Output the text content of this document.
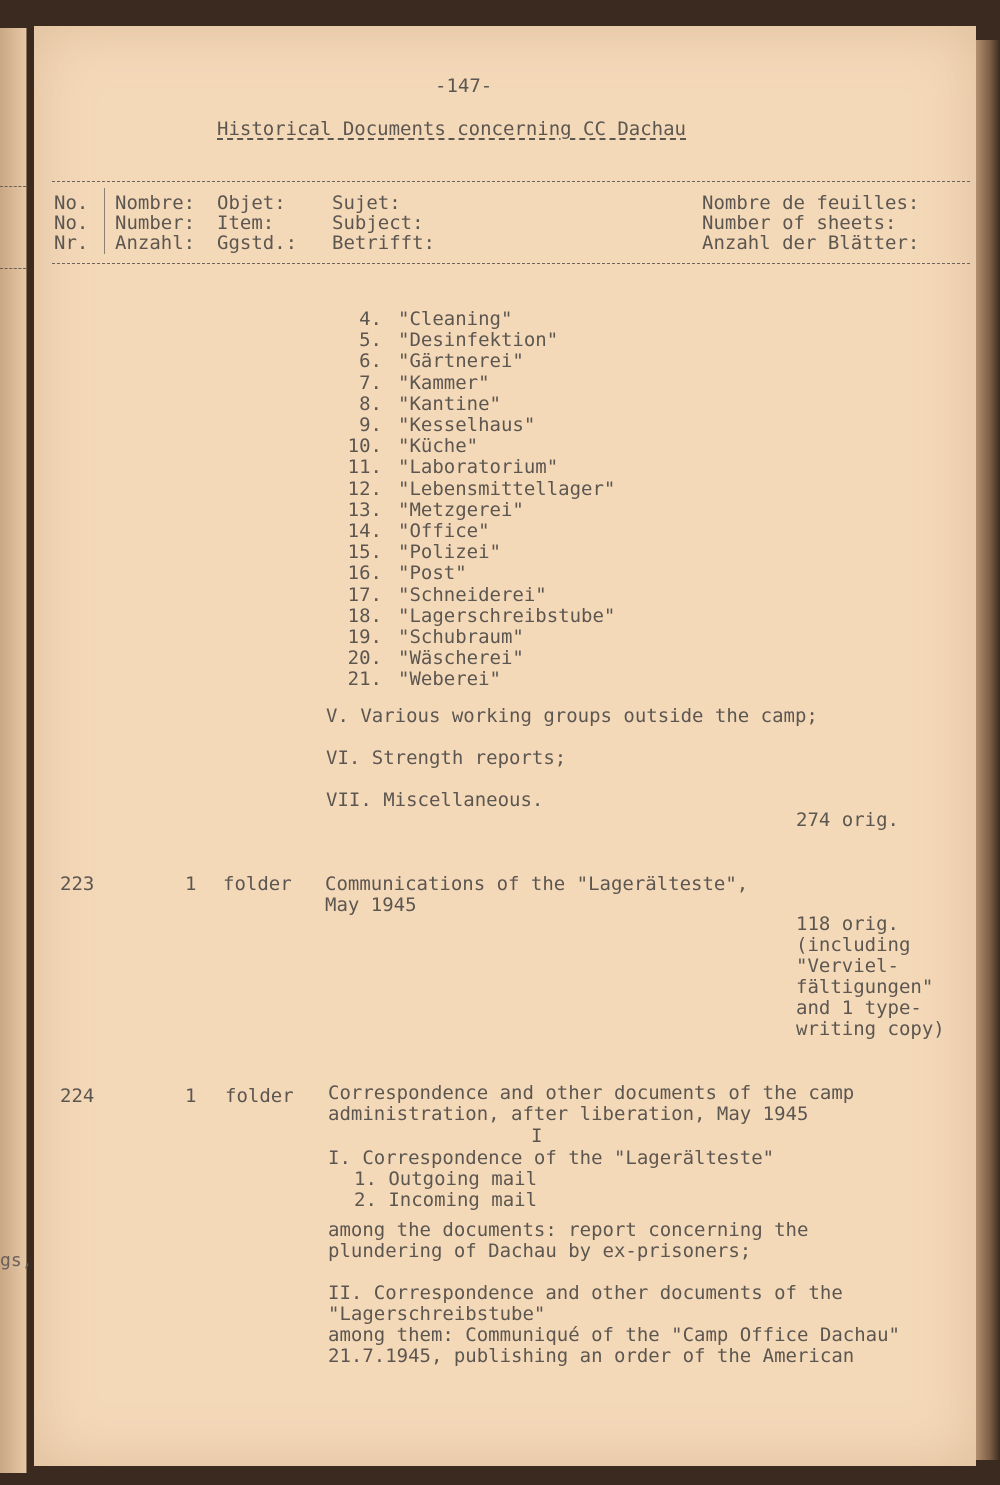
gs,
-147-
Historical Documents concerning CC Dachau
No.
No.
Nr.
Nombre:
Number:
Anzahl:
Objet:
Item:
Ggstd.:
Sujet:
Subject:
Betrifft:
Nombre de feuilles:
Number of sheets:
Anzahl der Blätter:
4. "Cleaning"
5. "Desinfektion"
6. "Gärtnerei"
7. "Kammer"
8. "Kantine"
9. "Kesselhaus"
10. "Küche"
11. "Laboratorium"
12. "Lebensmittellager"
13. "Metzgerei"
14. "Office"
15. "Polizei"
16. "Post"
17. "Schneiderei"
18. "Lagerschreibstube"
19. "Schubraum"
20. "Wäscherei"
21. "Weberei"
V. Various working groups outside the camp;
VI. Strength reports;
VII. Miscellaneous.
274 orig.
223	1 folder Communications of the "Lagerälteste",
May 1945
118 orig.
(including
"Verviel-
fältigungen"
and 1 type-
writing copy)
224	1 folder Correspondence and other documents of the camp
administration, after liberation, May 1945
I
I. Correspondence of the "Lagerälteste"
1. Outgoing mail
2. Incoming mail
among the documents: report concerning the
plundering of Dachau by ex-prisoners;
II. Correspondence and other documents of the
"Lagerschreibstube"
among them: Communiqué of the "Camp Office Dachau"
21.7.1945, publishing an order of the American
